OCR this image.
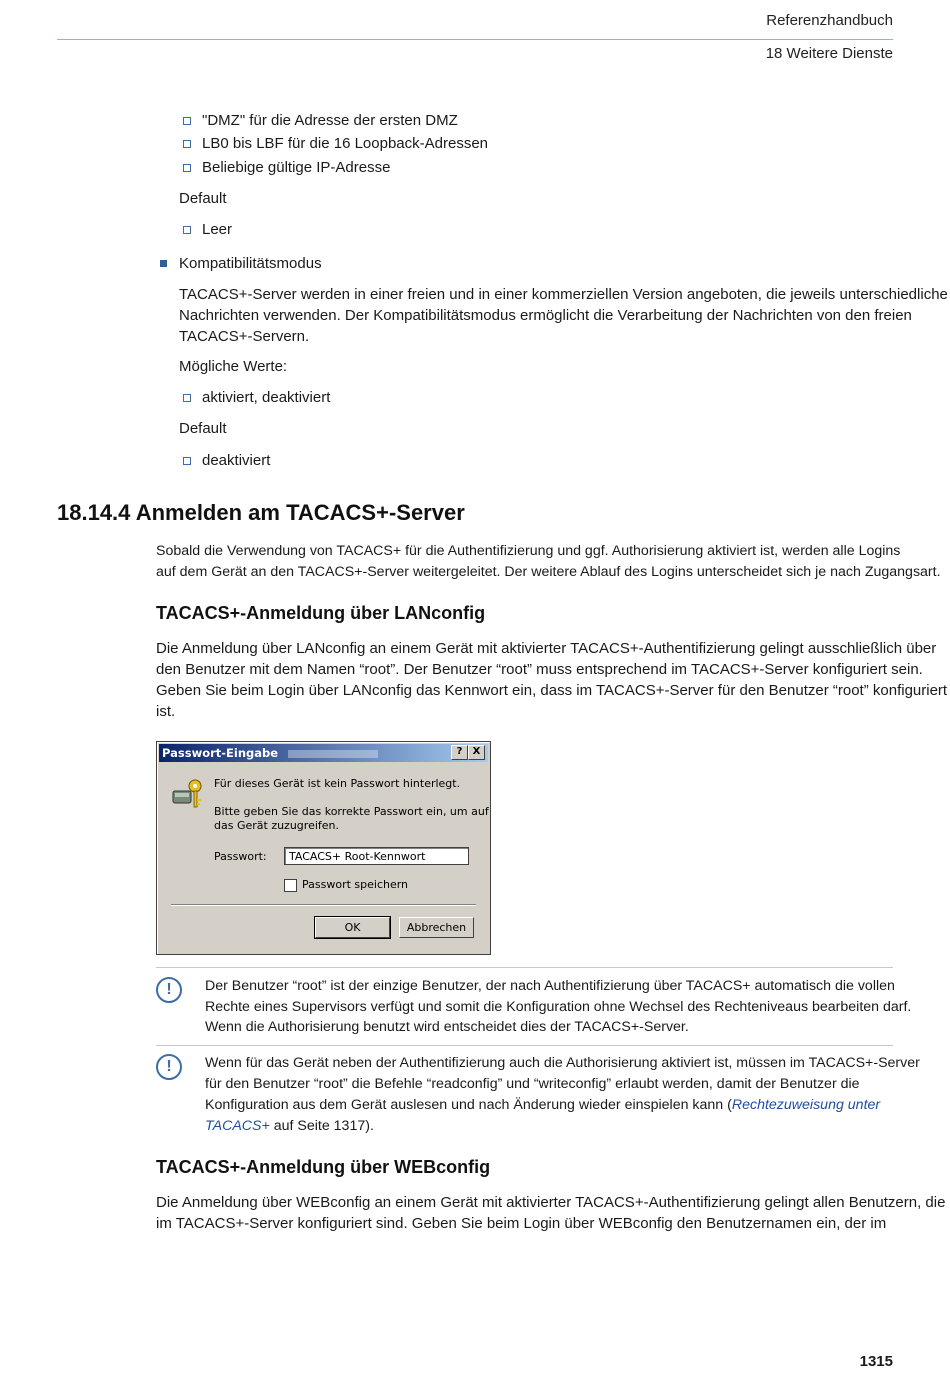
Referenzhandbuch
18 Weitere Dienste
"DMZ" für die Adresse der ersten DMZ
LB0 bis LBF für die 16 Loopback-Adressen
Beliebige gültige IP-Adresse
Default
Leer
Kompatibilitätsmodus
TACACS+-Server werden in einer freien und in einer kommerziellen Version angeboten, die jeweils unterschiedliche
Nachrichten verwenden. Der Kompatibilitätsmodus ermöglicht die Verarbeitung der Nachrichten von den freien
TACACS+-Servern.
Mögliche Werte:
aktiviert, deaktiviert
Default
deaktiviert
18.14.4 Anmelden am TACACS+-Server
Sobald die Verwendung von TACACS+ für die Authentifizierung und ggf. Authorisierung aktiviert ist, werden alle Logins
auf dem Gerät an den TACACS+-Server weitergeleitet. Der weitere Ablauf des Logins unterscheidet sich je nach Zugangsart.
TACACS+-Anmeldung über LANconfig
Die Anmeldung über LANconfig an einem Gerät mit aktivierter TACACS+-Authentifizierung gelingt ausschließlich über
den Benutzer mit dem Namen “root”. Der Benutzer “root” muss entsprechend im TACACS+-Server konfiguriert sein.
Geben Sie beim Login über LANconfig das Kennwort ein, dass im TACACS+-Server für den Benutzer “root” konfiguriert
ist.
Passwort-Eingabe	?	X
Für dieses Gerät ist kein Passwort hinterlegt.
Bitte geben Sie das korrekte Passwort ein, um auf
das Gerät zuzugreifen.
Passwort:	TACACS+ Root-Kennwort
Passwort speichern
OK	Abbrechen
!	Der Benutzer “root” ist der einzige Benutzer, der nach Authentifizierung über TACACS+ automatisch die vollen
Rechte eines Supervisors verfügt und somit die Konfiguration ohne Wechsel des Rechteniveaus bearbeiten darf.
Wenn die Authorisierung benutzt wird entscheidet dies der TACACS+-Server.
!	Wenn für das Gerät neben der Authentifizierung auch die Authorisierung aktiviert ist, müssen im TACACS+-Server
für den Benutzer “root” die Befehle “readconfig” und “writeconfig” erlaubt werden, damit der Benutzer die
Konfiguration aus dem Gerät auslesen und nach Änderung wieder einspielen kann (Rechtezuweisung unter
TACACS+ auf Seite 1317).
TACACS+-Anmeldung über WEBconfig
Die Anmeldung über WEBconfig an einem Gerät mit aktivierter TACACS+-Authentifizierung gelingt allen Benutzern, die
im TACACS+-Server konfiguriert sind. Geben Sie beim Login über WEBconfig den Benutzernamen ein, der im
1315
